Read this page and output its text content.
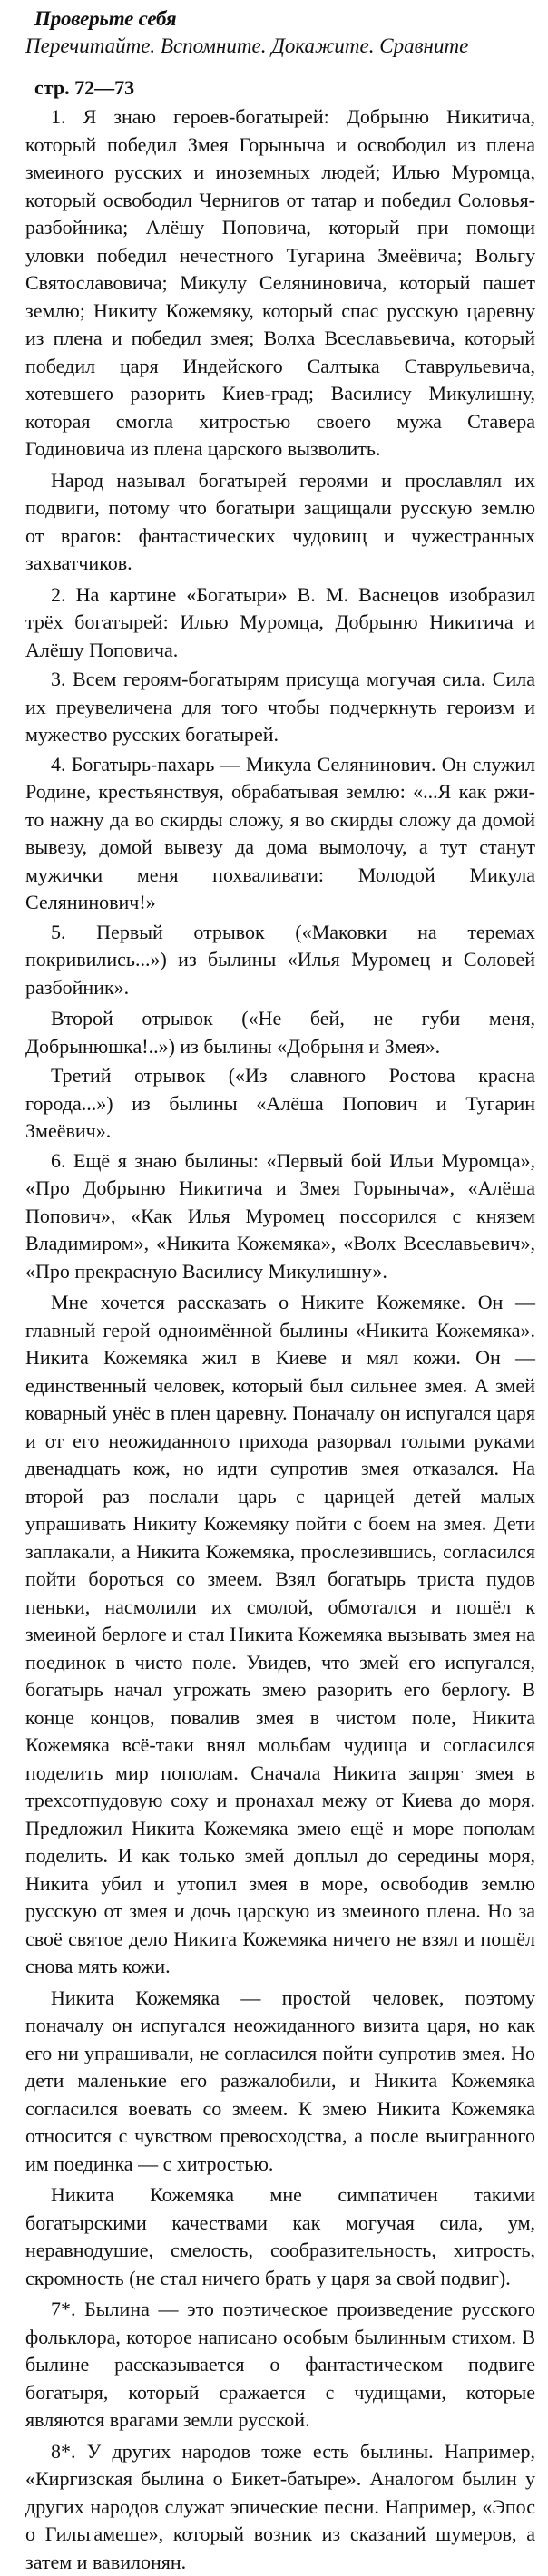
Проверьте себя
Перечитайте. Вспомните. Докажите. Сравните
стр. 72—73

1. Я знаю героев-богатырей: Добрыню Никитича, который победил Змея Горыныча и освободил из плена змеиного русских и иноземных людей; Илью Муромца, который освободил Чернигов от татар и победил Соловья-разбойника; Алёшу Поповича, который при помощи уловки победил нечестного Тугарина Змеёвича; Вольгу Святославовича; Микулу Селяниновича, который пашет землю; Никиту Кожемяку, который спас русскую царевну из плена и победил змея; Волха Всеславьевича, который победил царя Индейского Салтыка Ставрульевича, хотевшего разорить Киев-град; Василису Микулишну, которая смогла хитростью своего мужа Ставера Годиновича из плена царского вызволить.

Народ называл богатырей героями и прославлял их подвиги, потому что богатыри защищали русскую землю от врагов: фантастических чудовищ и чужестранных захватчиков.

2. На картине «Богатыри» В. М. Васнецов изобразил трёх богатырей: Илью Муромца, Добрыню Никитича и Алёшу Поповича.

3. Всем героям-богатырям присуща могучая сила. Сила их преувеличена для того чтобы подчеркнуть героизм и мужество русских богатырей.

4. Богатырь-пахарь — Микула Селянинович. Он служил Родине, крестьянствуя, обрабатывая землю: «...Я как ржи-то нажну да во скирды сложу, я во скирды сложу да домой вывезу, домой вывезу да дома вымолочу, а тут станут мужички меня похваливати: Молодой Микула Селянинович!»

5. Первый отрывок («Маковки на теремах покривились...») из былины «Илья Муромец и Соловей разбойник».

Второй отрывок («Не бей, не губи меня, Добрынюшка!..») из былины «Добрыня и Змея».

Третий отрывок («Из славного Ростова красна города...») из былины «Алёша Попович и Тугарин Змеёвич».

6. Ещё я знаю былины: «Первый бой Ильи Муромца», «Про Добрыню Никитича и Змея Горыныча», «Алёша Попович», «Как Илья Муромец поссорился с князем Владимиром», «Никита Кожемяка», «Волх Всеславьевич», «Про прекрасную Василису Микулишну».

Мне хочется рассказать о Никите Кожемяке. Он — главный герой одноимённой былины «Никита Кожемяка». Никита Кожемяка жил в Киеве и мял кожи. Он — единственный человек, который был сильнее змея. А змей коварный унёс в плен царевну. Поначалу он испугался царя и от его неожиданного прихода разорвал голыми руками двенадцать кож, но идти супротив змея отказался. На второй раз послали царь с царицей детей малых упрашивать Никиту Кожемяку пойти с боем на змея. Дети заплакали, а Никита Кожемяка, прослезившись, согласился пойти бороться со змеем. Взял богатырь триста пудов пеньки, насмолили их смолой, обмотался и пошёл к змеиной берлоге и стал Никита Кожемяка вызывать змея на поединок в чисто поле. Увидев, что змей его испугался, богатырь начал угрожать змею разорить его берлогу. В конце концов, повалив змея в чистом поле, Никита Кожемяка всё-таки внял мольбам чудища и согласился поделить мир пополам. Сначала Никита запряг змея в трехсотпудовую соху и пронахал межу от Киева до моря. Предложил Никита Кожемяка змею ещё и море пополам поделить. И как только змей доплыл до середины моря, Никита убил и утопил змея в море, освободив землю русскую от змея и дочь царскую из змеиного плена. Но за своё святое дело Никита Кожемяка ничего не взял и пошёл снова мять кожи.

Никита Кожемяка — простой человек, поэтому поначалу он испугался неожиданного визита царя, но как его ни упрашивали, не согласился пойти супротив змея. Но дети маленькие его разжалобили, и Никита Кожемяка согласился воевать со змеем. К змею Никита Кожемяка относится с чувством превосходства, а после выигранного им поединка — с хитростью.

Никита Кожемяка мне симпатичен такими богатырскими качествами как могучая сила, ум, неравнодушие, смелость, сообразительность, хитрость, скромность (не стал ничего брать у царя за свой подвиг).

7*. Былина — это поэтическое произведение русского фольклора, которое написано особым былинным стихом. В былине рассказывается о фантастическом подвиге богатыря, который сражается с чудищами, которые являются врагами земли русской.

8*. У других народов тоже есть былины. Например, «Киргизская былина о Бикет-батыре». Аналогом былин у других народов служат эпические песни. Например, «Эпос о Гильгамеше», который возник из сказаний шумеров, а затем и вавилонян.
